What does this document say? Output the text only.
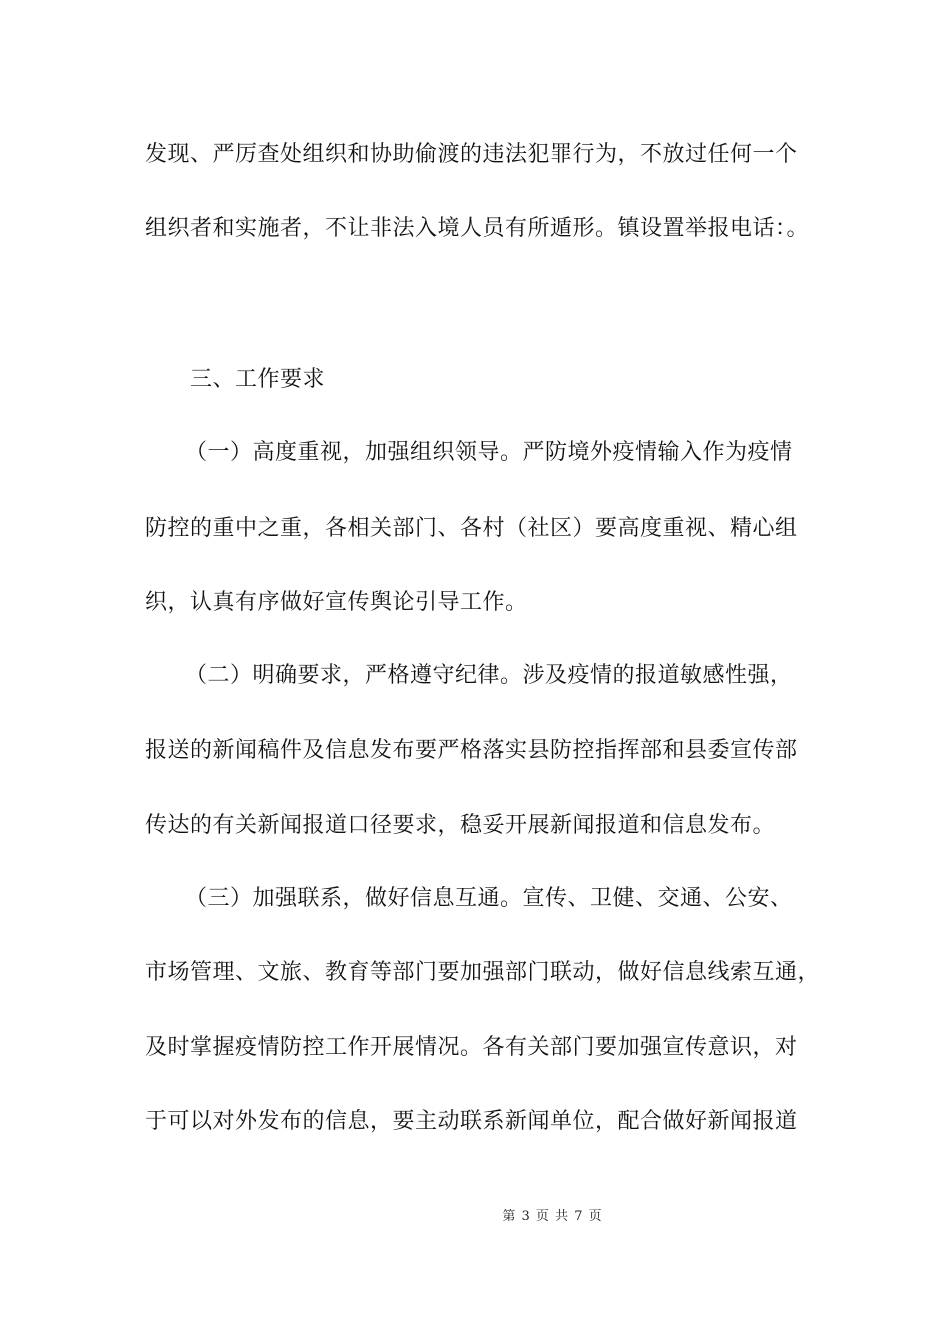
发现、严厉查处组织和协助偷渡的违法犯罪行为，不放过任何一个
组织者和实施者，不让非法入境人员有所遁形。镇设置举报电话：。
三、工作要求
（一）高度重视，加强组织领导。严防境外疫情输入作为疫情
防控的重中之重，各相关部门、各村（社区）要高度重视、精心组
织，认真有序做好宣传舆论引导工作。
（二）明确要求，严格遵守纪律。涉及疫情的报道敏感性强，
报送的新闻稿件及信息发布要严格落实县防控指挥部和县委宣传部
传达的有关新闻报道口径要求，稳妥开展新闻报道和信息发布。
（三）加强联系，做好信息互通。宣传、卫健、交通、公安、
市场管理、文旅、教育等部门要加强部门联动，做好信息线索互通，
及时掌握疫情防控工作开展情况。各有关部门要加强宣传意识，对
于可以对外发布的信息，要主动联系新闻单位，配合做好新闻报道
第 3 页 共 7 页
